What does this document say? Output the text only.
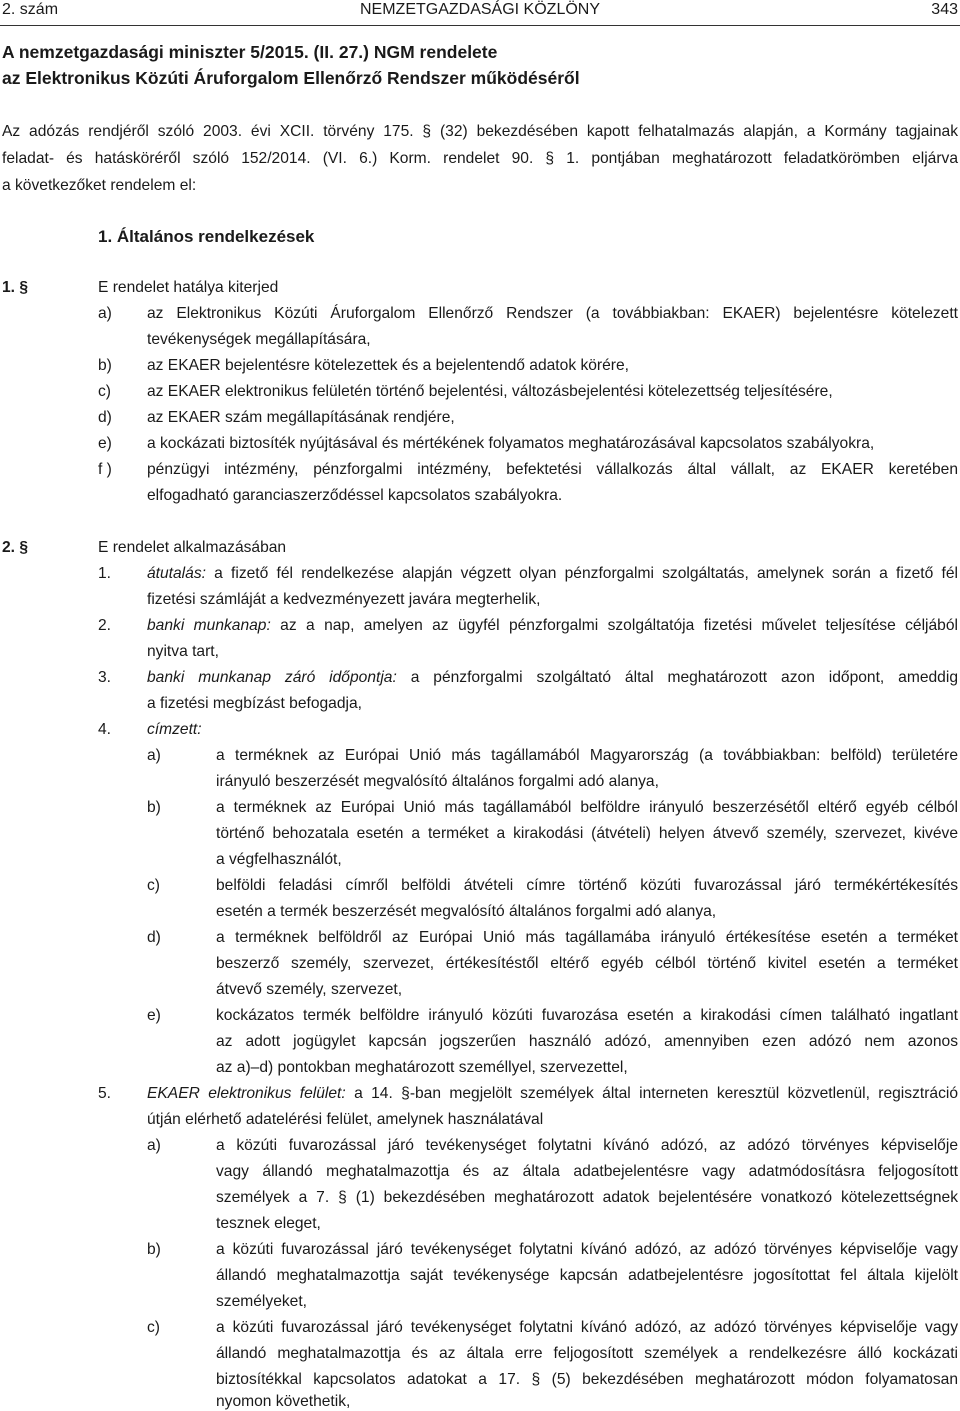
2. szám	NEMZETGAZDASÁGI KÖZLÖNY	343
A nemzetgazdasági miniszter 5/2015. (II. 27.) NGM rendelete
az Elektronikus Közúti Áruforgalom Ellenőrző Rendszer működéséről
Az adózás rendjéről szóló 2003. évi XCII. törvény 175. § (32) bekezdésében kapott felhatalmazás alapján, a Kormány tagjainak
feladat- és hatásköréről szóló 152/2014. (VI. 6.) Korm. rendelet 90. § 1. pontjában meghatározott feladatkörömben eljárva
a következőket rendelem el:
1. Általános rendelkezések
1. §	E rendelet hatálya kiterjed
a) az Elektronikus Közúti Áruforgalom Ellenőrző Rendszer (a továbbiakban: EKAER) bejelentésre kötelezett
tevékenységek megállapítására,
b) az EKAER bejelentésre kötelezettek és a bejelentendő adatok körére,
c) az EKAER elektronikus felületén történő bejelentési, változásbejelentési kötelezettség teljesítésére,
d) az EKAER szám megállapításának rendjére,
e) a kockázati biztosíték nyújtásával és mértékének folyamatos meghatározásával kapcsolatos szabályokra,
f ) pénzügyi intézmény, pénzforgalmi intézmény, befektetési vállalkozás által vállalt, az EKAER keretében
elfogadható garanciaszerződéssel kapcsolatos szabályokra.
2. §	E rendelet alkalmazásában
1. átutalás: a fizető fél rendelkezése alapján végzett olyan pénzforgalmi szolgáltatás, amelynek során a fizető fél
fizetési számláját a kedvezményezett javára megterhelik,
2. banki munkanap: az a nap, amelyen az ügyfél pénzforgalmi szolgáltatója fizetési művelet teljesítése céljából
nyitva tart,
3. banki munkanap záró időpontja: a pénzforgalmi szolgáltató által meghatározott azon időpont, ameddig
a fizetési megbízást befogadja,
4. címzett:
a)	a terméknek az Európai Unió más tagállamából Magyarország (a továbbiakban: belföld) területére
irányuló beszerzését megvalósító általános forgalmi adó alanya,
b)	a terméknek az Európai Unió más tagállamából belföldre irányuló beszerzésétől eltérő egyéb célból
történő behozatala esetén a terméket a kirakodási (átvételi) helyen átvevő személy, szervezet, kivéve
a végfelhasználót,
c)	belföldi feladási címről belföldi átvételi címre történő közúti fuvarozással járó termékértékesítés
esetén a termék beszerzését megvalósító általános forgalmi adó alanya,
d)	a terméknek belföldről az Európai Unió más tagállamába irányuló értékesítése esetén a terméket
beszerző személy, szervezet, értékesítéstől eltérő egyéb célból történő kivitel esetén a terméket
átvevő személy, szervezet,
e)	kockázatos termék belföldre irányuló közúti fuvarozása esetén a kirakodási címen található ingatlant
az adott jogügylet kapcsán jogszerűen használó adózó, amennyiben ezen adózó nem azonos
az a)–d) pontokban meghatározott személlyel, szervezettel,
5. EKAER elektronikus felület: a 14. §-ban megjelölt személyek által interneten keresztül közvetlenül, regisztráció
útján elérhető adatelérési felület, amelynek használatával
a)	a közúti fuvarozással járó tevékenységet folytatni kívánó adózó, az adózó törvényes képviselője
vagy állandó meghatalmazottja és az általa adatbejelentésre vagy adatmódosításra feljogosított
személyek a 7. § (1) bekezdésében meghatározott adatok bejelentésére vonatkozó kötelezettségnek
tesznek eleget,
b)	a közúti fuvarozással járó tevékenységet folytatni kívánó adózó, az adózó törvényes képviselője vagy
állandó meghatalmazottja saját tevékenysége kapcsán adatbejelentésre jogosítottat fel általa kijelölt
személyeket,
c)	a közúti fuvarozással járó tevékenységet folytatni kívánó adózó, az adózó törvényes képviselője vagy
állandó meghatalmazottja és az általa erre feljogosított személyek a rendelkezésre álló kockázati
biztosítékkal kapcsolatos adatokat a 17. § (5) bekezdésében meghatározott módon folyamatosan
nyomon követhetik,
